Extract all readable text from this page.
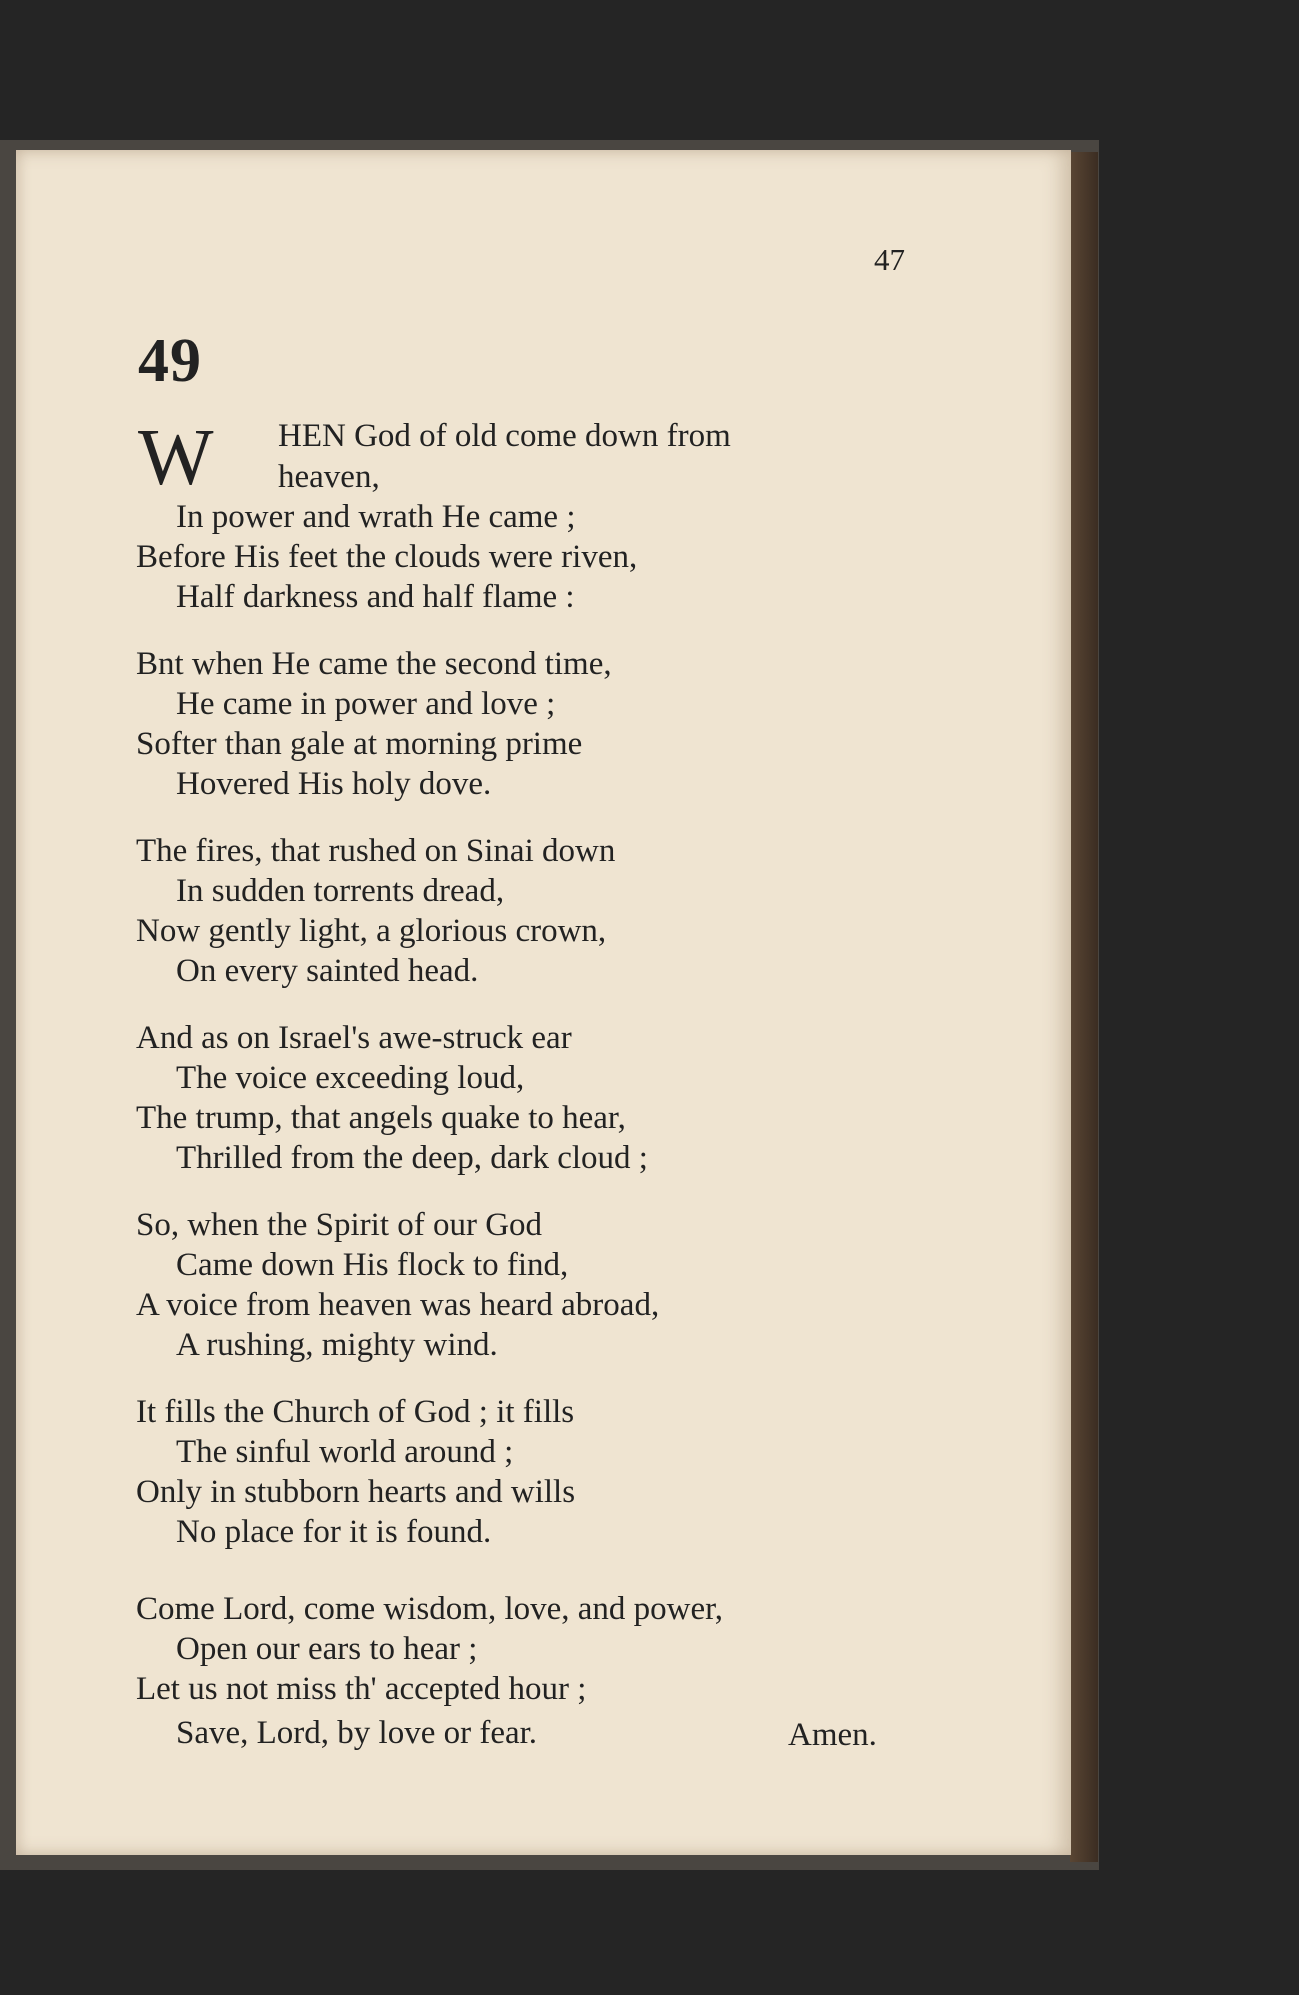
47
49
W HEN God of old come down from
heaven,
In power and wrath He came ;
Before His feet the clouds were riven,
Half darkness and half flame :
Bnt when He came the second time,
He came in power and love ;
Softer than gale at morning prime
Hovered His holy dove.
The fires, that rushed on Sinai down
In sudden torrents dread,
Now gently light, a glorious crown,
On every sainted head.
And as on Israel's awe-struck ear
The voice exceeding loud,
The trump, that angels quake to hear,
Thrilled from the deep, dark cloud ;
So, when the Spirit of our God
Came down His flock to find,
A voice from heaven was heard abroad,
A rushing, mighty wind.
It fills the Church of God ; it fills
The sinful world around ;
Only in stubborn hearts and wills
No place for it is found.
Come Lord, come wisdom, love, and power,
Open our ears to hear ;
Let us not miss th' accepted hour ;
Save, Lord, by love or fear.	Amen.
